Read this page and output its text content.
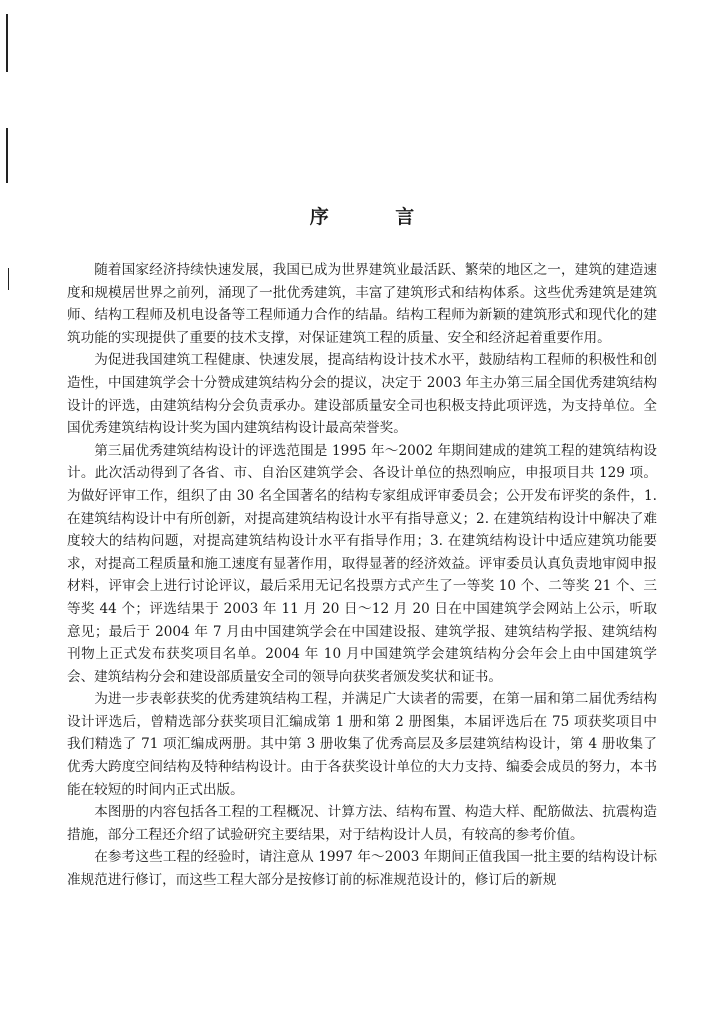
序 言

随着国家经济持续快速发展，我国已成为世界建筑业最活跃、繁荣的地区之一，建筑的建造速度和规模居世界之前列，涌现了一批优秀建筑，丰富了建筑形式和结构体系。这些优秀建筑是建筑师、结构工程师及机电设备等工程师通力合作的结晶。结构工程师为新颖的建筑形式和现代化的建筑功能的实现提供了重要的技术支撑，对保证建筑工程的质量、安全和经济起着重要作用。

为促进我国建筑工程健康、快速发展，提高结构设计技术水平，鼓励结构工程师的积极性和创造性，中国建筑学会十分赞成建筑结构分会的提议，决定于 2003 年主办第三届全国优秀建筑结构设计的评选，由建筑结构分会负责承办。建设部质量安全司也积极支持此项评选，为支持单位。全国优秀建筑结构设计奖为国内建筑结构设计最高荣誉奖。

第三届优秀建筑结构设计的评选范围是 1995 年～2002 年期间建成的建筑工程的建筑结构设计。此次活动得到了各省、市、自治区建筑学会、各设计单位的热烈响应，申报项目共 129 项。为做好评审工作，组织了由 30 名全国著名的结构专家组成评审委员会；公开发布评奖的条件，1. 在建筑结构设计中有所创新，对提高建筑结构设计水平有指导意义；2. 在建筑结构设计中解决了难度较大的结构问题，对提高建筑结构设计水平有指导作用；3. 在建筑结构设计中适应建筑功能要求，对提高工程质量和施工速度有显著作用，取得显著的经济效益。评审委员认真负责地审阅申报材料，评审会上进行讨论评议，最后采用无记名投票方式产生了一等奖 10 个、二等奖 21 个、三等奖 44 个；评选结果于 2003 年 11 月 20 日～12 月 20 日在中国建筑学会网站上公示，听取意见；最后于 2004 年 7 月由中国建筑学会在中国建设报、建筑学报、建筑结构学报、建筑结构刊物上正式发布获奖项目名单。2004 年 10 月中国建筑学会建筑结构分会年会上由中国建筑学会、建筑结构分会和建设部质量安全司的领导向获奖者颁发奖状和证书。

为进一步表彰获奖的优秀建筑结构工程，并满足广大读者的需要，在第一届和第二届优秀结构设计评选后，曾精选部分获奖项目汇编成第 1 册和第 2 册图集，本届评选后在 75 项获奖项目中我们精选了 71 项汇编成两册。其中第 3 册收集了优秀高层及多层建筑结构设计，第 4 册收集了优秀大跨度空间结构及特种结构设计。由于各获奖设计单位的大力支持、编委会成员的努力，本书能在较短的时间内正式出版。

本图册的内容包括各工程的工程概况、计算方法、结构布置、构造大样、配筋做法、抗震构造措施，部分工程还介绍了试验研究主要结果，对于结构设计人员，有较高的参考价值。

在参考这些工程的经验时，请注意从 1997 年～2003 年期间正值我国一批主要的结构设计标准规范进行修订，而这些工程大部分是按修订前的标准规范设计的，修订后的新规
